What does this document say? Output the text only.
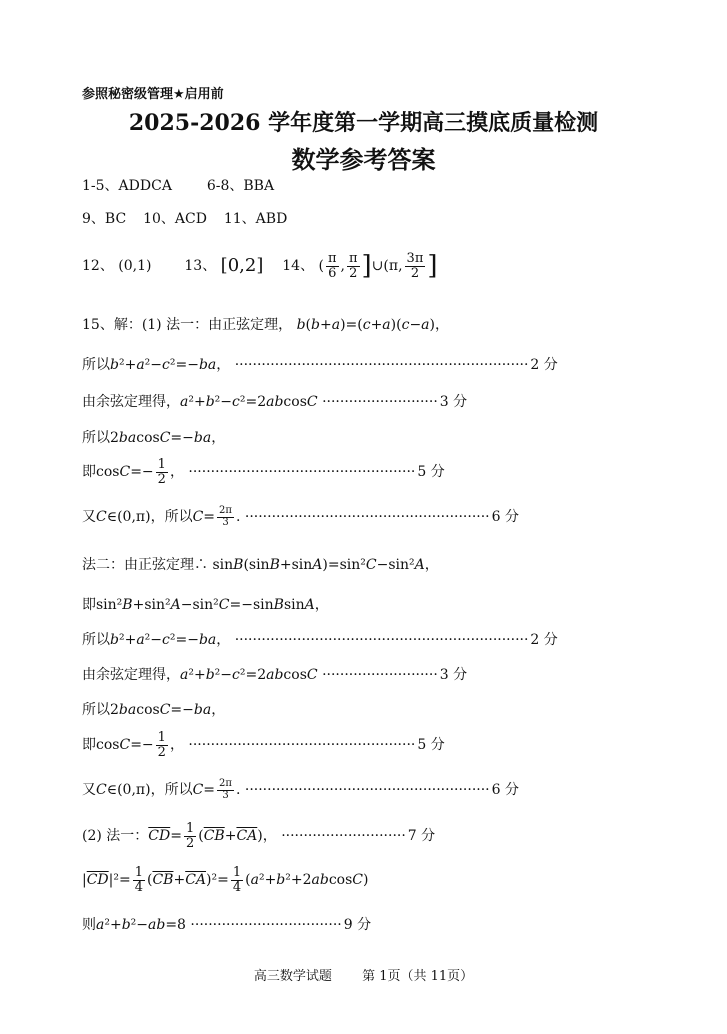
参照秘密级管理★启用前
2025-2026 学年度第一学期高三摸底质量检测
数学参考答案
1-5、ADDCA 6-8、BBA
9、BC 10、ACD 11、ABD
12、 (0,1) 13、 [0,2] 14、 ( $\frac{\pi}{6}$ , $\frac{\pi}{2}$ ]∪(π, $\frac{3\pi}{2}$ ]
15、解：(1) 法一：由正弦定理， b(b+a)=(c+a)(c−a)，
所以b²+a²−c²=−ba， ·································································· 2 分
由余弦定理得，a²+b²−c²=2abcosC ·························· 3 分
所以2bacosC=−ba，
即$\cos C=- \frac{1}{2}$ ， ··················································· 5 分
又C∈(0,π)，所以$C= \frac{2\pi}{3}$ . ······················································· 6 分
法二：由正弦定理∴ sinB(sinB+sinA)=sin²C−sin²A，
即sin²B+sin²A−sin²C=−sinBsinA，
所以b²+a²−c²=−ba， ·································································· 2 分
由余弦定理得，a²+b²−c²=2abcosC ·························· 3 分
所以2bacosC=−ba，
即$\cos C=- \frac{1}{2}$ ， ··················································· 5 分
又C∈(0,π)，所以$C= \frac{2\pi}{3}$ . ······················································· 6 分
(2) 法一：$\overline{CD}= \frac{1}{2} (\overline{CB}+\overline{CA})$， ···························· 7 分
$|\overline{CD}|^2= \frac{1}{4} (\overline{CB}+\overline{CA})^2= \frac{1}{4} (a^2+b^2+2abcosC)$
则a²+b²−ab=8 ·································· 9 分
高三数学试题 第 1页（共 11页）
